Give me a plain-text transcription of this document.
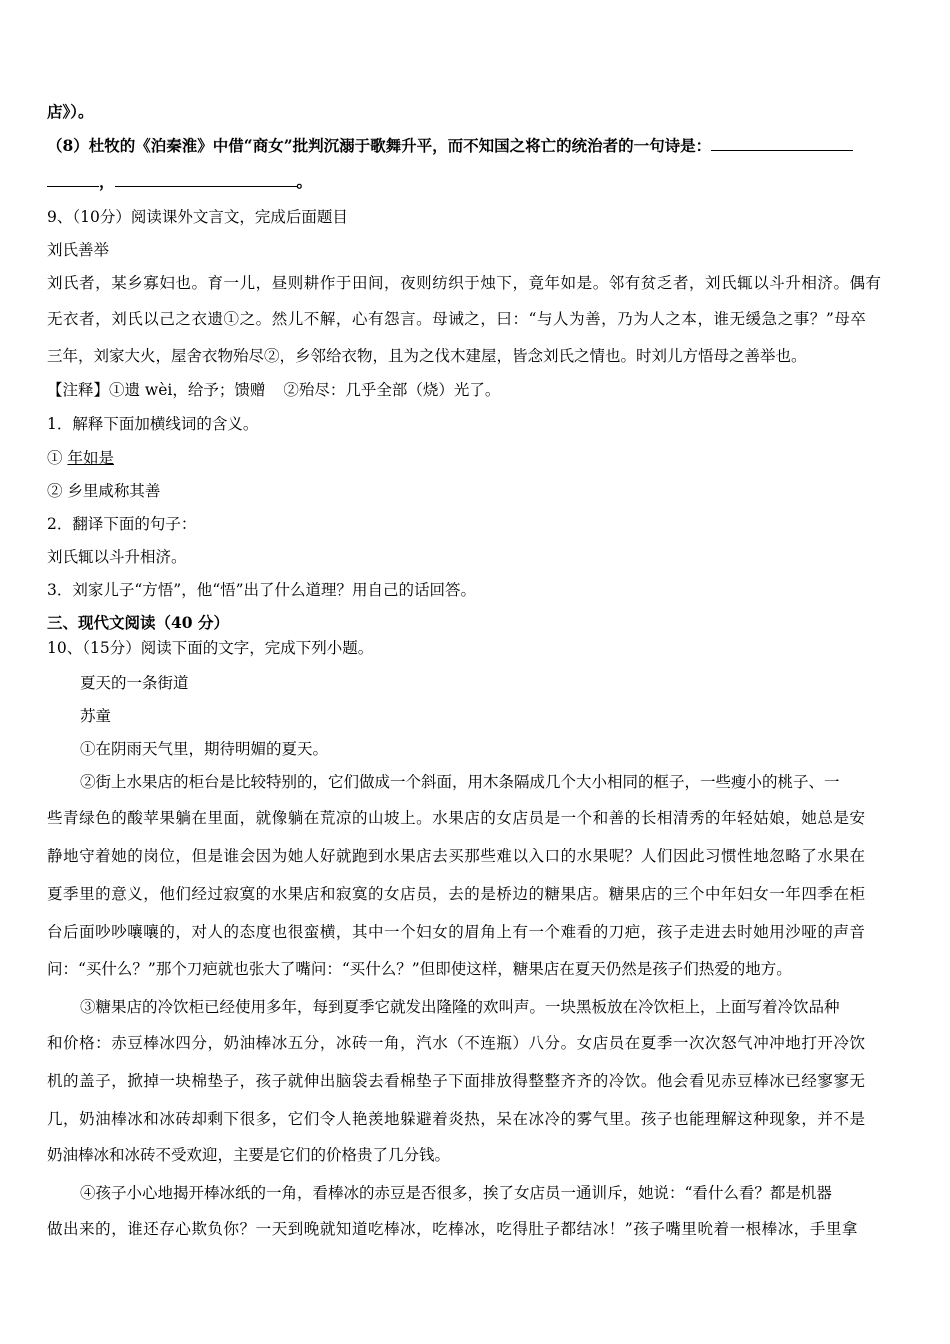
店》）。
（8）杜牧的《泊秦淮》中借“商女”批判沉溺于歌舞升平，而不知国之将亡的统治者的一句诗是：
，	。
9、（10分）阅读课外文言文，完成后面题目
刘氏善举
刘氏者，某乡寡妇也。育一儿，昼则耕作于田间，夜则纺织于烛下，竟年如是。邻有贫乏者，刘氏辄以斗升相济。偶有
无衣者，刘氏以己之衣遗①之。然儿不解，心有怨言。母诫之，曰：“与人为善，乃为人之本，谁无缓急之事？”母卒
三年，刘家大火，屋舍衣物殆尽②，乡邻给衣物，且为之伐木建屋，皆念刘氏之情也。时刘儿方悟母之善举也。
【注释】①遗 wèi，给予；馈赠 ②殆尽：几乎全部（烧）光了。
1．解释下面加横线词的含义。
① 年如是
② 乡里咸称其善
2．翻译下面的句子：
刘氏辄以斗升相济。
3．刘家儿子“方悟”，他“悟”出了什么道理？用自己的话回答。
三、现代文阅读（40 分）
10、（15分）阅读下面的文字，完成下列小题。
夏天的一条街道
苏童
①在阴雨天气里，期待明媚的夏天。
②街上水果店的柜台是比较特别的，它们做成一个斜面，用木条隔成几个大小相同的框子，一些瘦小的桃子、一
些青绿色的酸苹果躺在里面，就像躺在荒凉的山坡上。水果店的女店员是一个和善的长相清秀的年轻姑娘，她总是安
静地守着她的岗位，但是谁会因为她人好就跑到水果店去买那些难以入口的水果呢？人们因此习惯性地忽略了水果在
夏季里的意义，他们经过寂寞的水果店和寂寞的女店员，去的是桥边的糖果店。糖果店的三个中年妇女一年四季在柜
台后面吵吵嚷嚷的，对人的态度也很蛮横，其中一个妇女的眉角上有一个难看的刀疤，孩子走进去时她用沙哑的声音
问：“买什么？”那个刀疤就也张大了嘴问：“买什么？”但即使这样，糖果店在夏天仍然是孩子们热爱的地方。
③糖果店的冷饮柜已经使用多年，每到夏季它就发出隆隆的欢叫声。一块黑板放在冷饮柜上，上面写着冷饮品种
和价格：赤豆棒冰四分，奶油棒冰五分，冰砖一角，汽水（不连瓶）八分。女店员在夏季一次次怒气冲冲地打开冷饮
机的盖子，掀掉一块棉垫子，孩子就伸出脑袋去看棉垫子下面排放得整整齐齐的冷饮。他会看见赤豆棒冰已经寥寥无
几，奶油棒冰和冰砖却剩下很多，它们令人艳羡地躲避着炎热，呆在冰冷的雾气里。孩子也能理解这种现象，并不是
奶油棒冰和冰砖不受欢迎，主要是它们的价格贵了几分钱。
④孩子小心地揭开棒冰纸的一角，看棒冰的赤豆是否很多，挨了女店员一通训斥，她说：“看什么看？都是机器
做出来的，谁还存心欺负你？一天到晚就知道吃棒冰，吃棒冰，吃得肚子都结冰！”孩子嘴里吮着一根棒冰，手里拿
